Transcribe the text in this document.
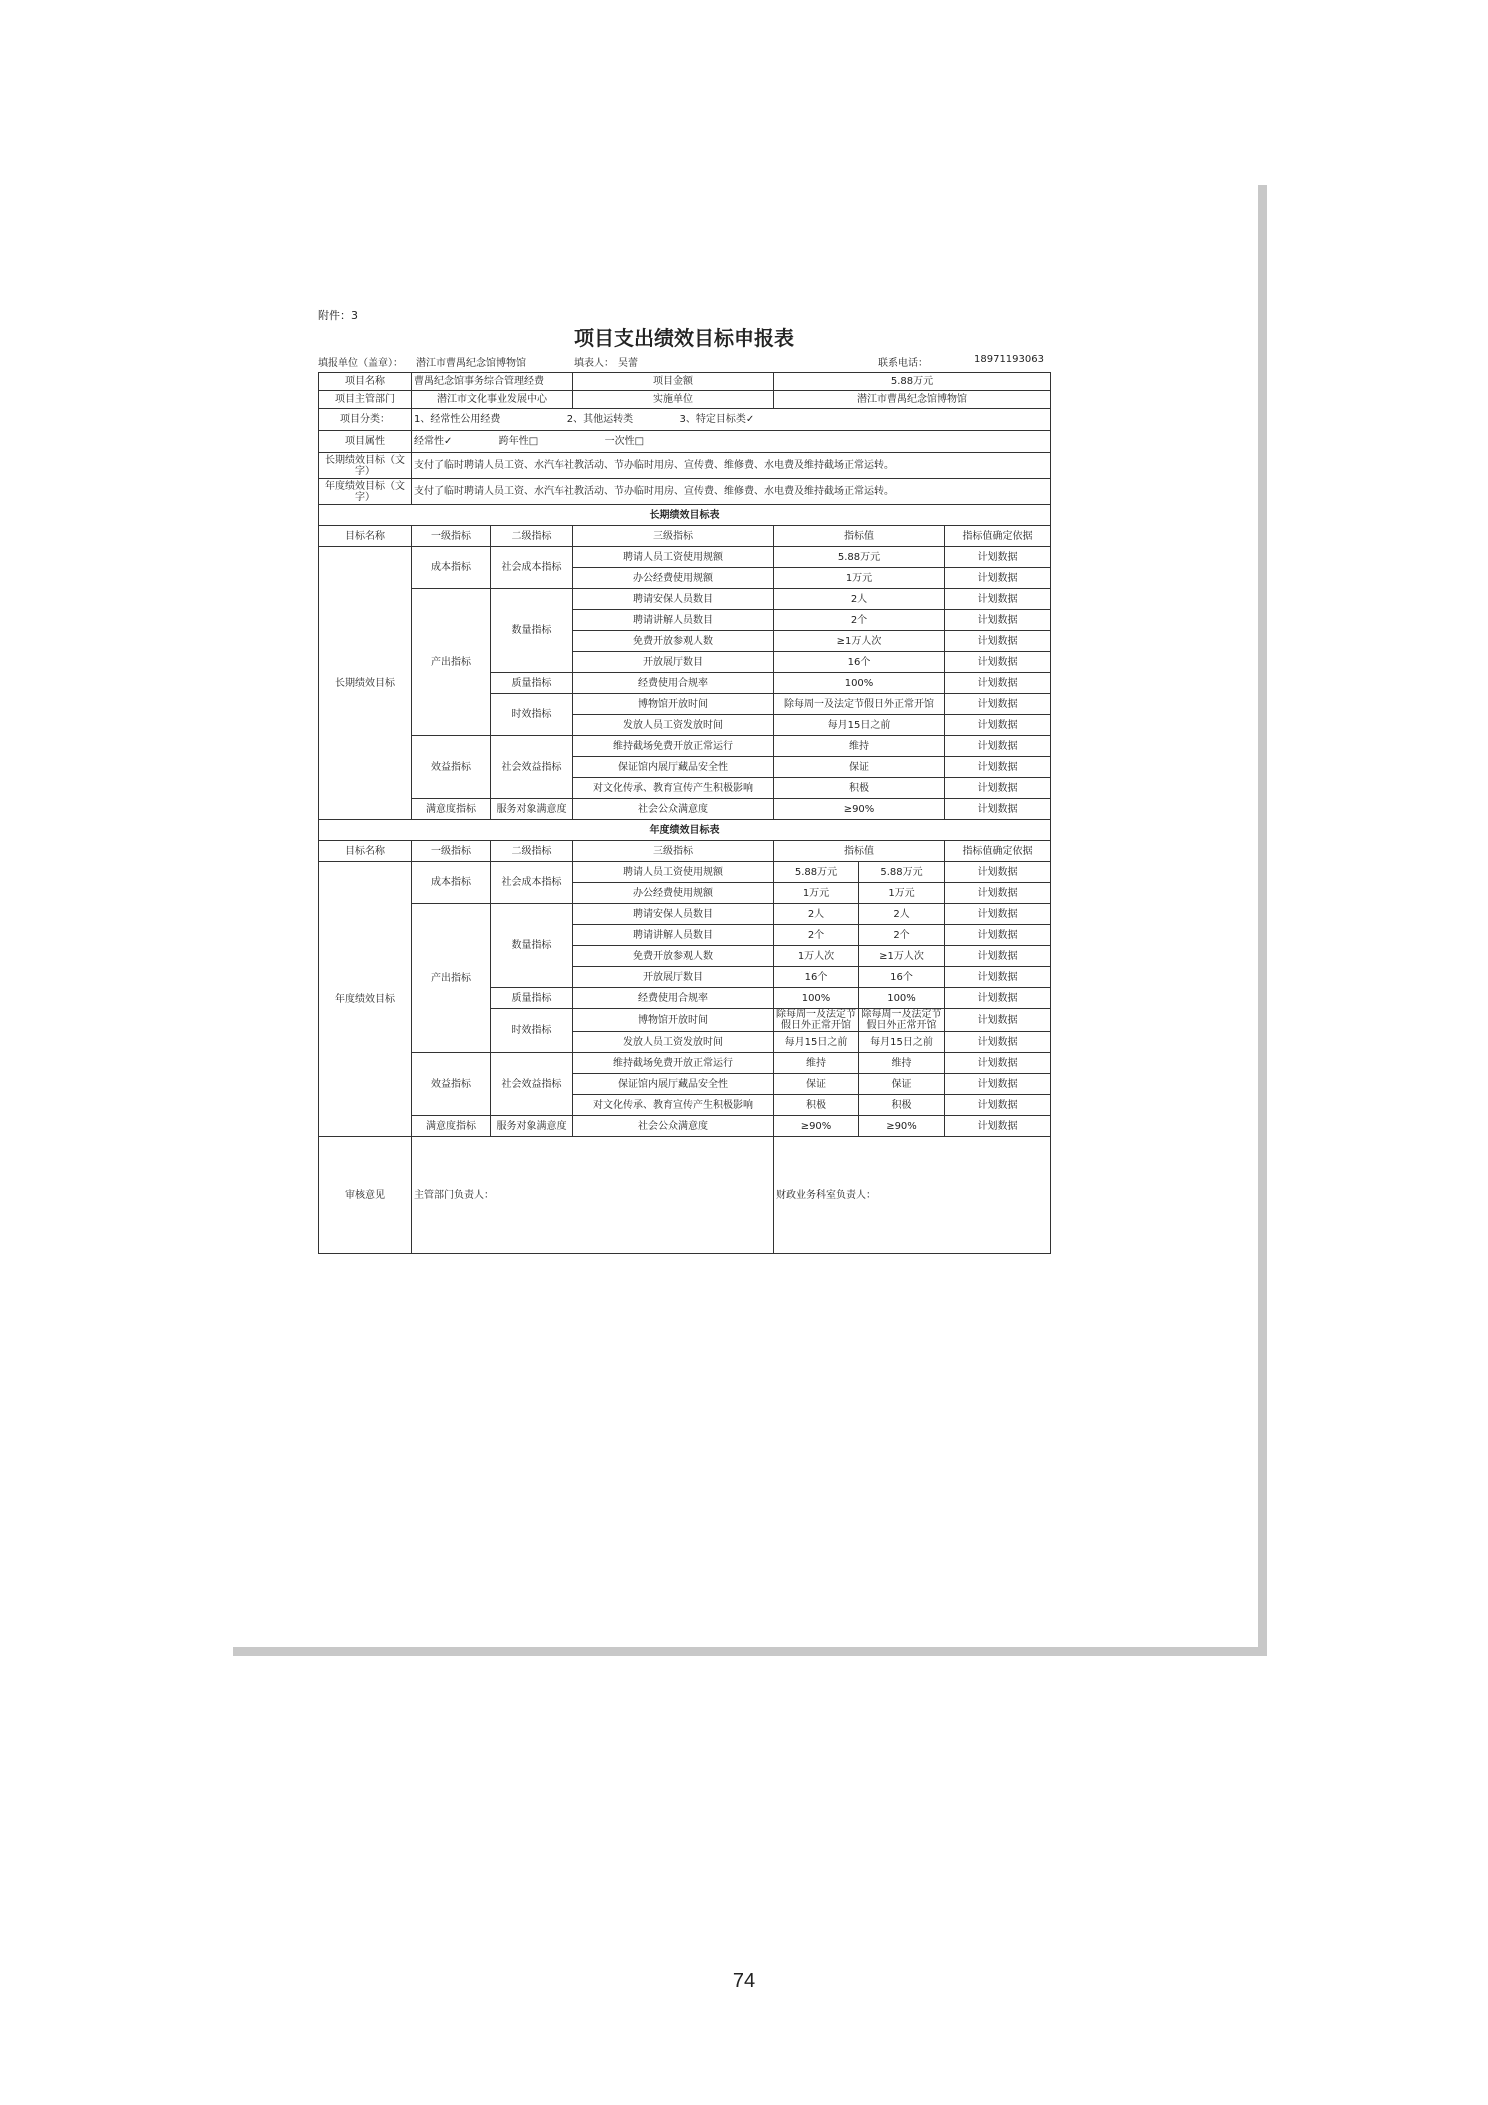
附件：3
项目支出绩效目标申报表
填报单位（盖章）： 潜江市曹禺纪念馆博物馆	填表人： 吴蕾	联系电话：	18971193063
项目名称	曹禺纪念馆事务综合管理经费		项目金额	5.88万元		
项目主管部门	潜江市文化事业发展中心		实施单位	潜江市曹禺纪念馆博物馆		
项目分类：	1、经常性公用经费 2、其他运转类 3、特定目标类✓					
项目属性	经常性✓ 跨年性□ 一次性□					
长期绩效目标（文字）	支付了临时聘请人员工资、水汽车社教活动、节办临时用房、宣传费、维修费、水电费及维持截场正常运转。					
年度绩效目标（文字）	支付了临时聘请人员工资、水汽车社教活动、节办临时用房、宣传费、维修费、水电费及维持截场正常运转。					
长期绩效目标表						
目标名称	一级指标	二级指标	三级指标	指标值		指标值确定依据
长期绩效目标	成本指标	社会成本指标	聘请人员工资使用规额	5.88万元		计划数据
			办公经费使用规额	1万元		计划数据
	产出指标	数量指标	聘请安保人员数目	2人		计划数据
			聘请讲解人员数目	2个		计划数据
			免费开放参观人数	≥1万人次		计划数据
			开放展厅数目	16个		计划数据
		质量指标	经费使用合规率	100%		计划数据
		时效指标	博物馆开放时间	除每周一及法定节假日外正常开馆		计划数据
			发放人员工资发放时间	每月15日之前		计划数据
	效益指标	社会效益指标	维持截场免费开放正常运行	维持		计划数据
			保证馆内展厅藏品安全性	保证		计划数据
			对文化传承、教育宣传产生积极影响	积极		计划数据
	满意度指标	服务对象满意度	社会公众满意度	≥90%		计划数据
年度绩效目标表						
目标名称	一级指标	二级指标	三级指标	指标值		指标值确定依据
年度绩效目标	成本指标	社会成本指标	聘请人员工资使用规额	5.88万元	5.88万元	计划数据
			办公经费使用规额	1万元	1万元	计划数据
	产出指标	数量指标	聘请安保人员数目	2人	2人	计划数据
			聘请讲解人员数目	2个	2个	计划数据
			免费开放参观人数	1万人次	≥1万人次	计划数据
			开放展厅数目	16个	16个	计划数据
		质量指标	经费使用合规率	100%	100%	计划数据
		时效指标	博物馆开放时间	除每周一及法定节假日外正常开馆	除每周一及法定节假日外正常开馆	计划数据
			发放人员工资发放时间	每月15日之前	每月15日之前	计划数据
	效益指标	社会效益指标	维持截场免费开放正常运行	维持	维持	计划数据
			保证馆内展厅藏品安全性	保证	保证	计划数据
			对文化传承、教育宣传产生积极影响	积极	积极	计划数据
	满意度指标	服务对象满意度	社会公众满意度	≥90%	≥90%	计划数据
审核意见	主管部门负责人：			财政业务科室负责人：		
74
